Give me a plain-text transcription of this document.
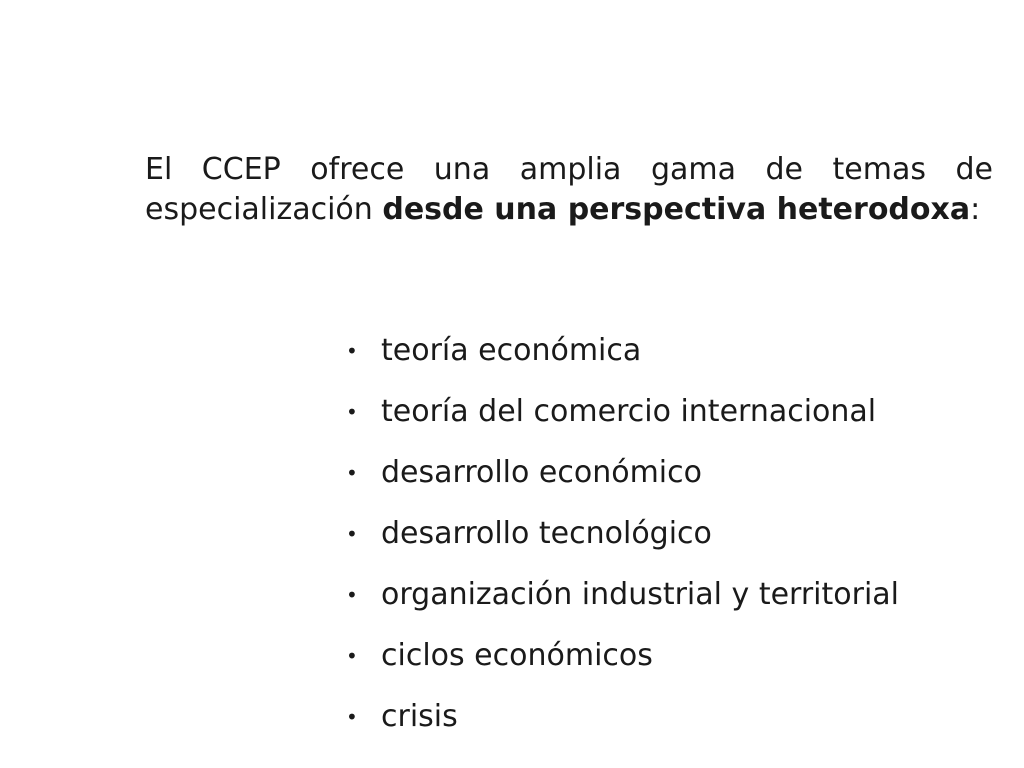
El CCEP ofrece una amplia gama de temas de especialización desde una perspectiva heterodoxa:

• teoría económica
• teoría del comercio internacional
• desarrollo económico
• desarrollo tecnológico
• organización industrial y territorial
• ciclos económicos
• crisis
